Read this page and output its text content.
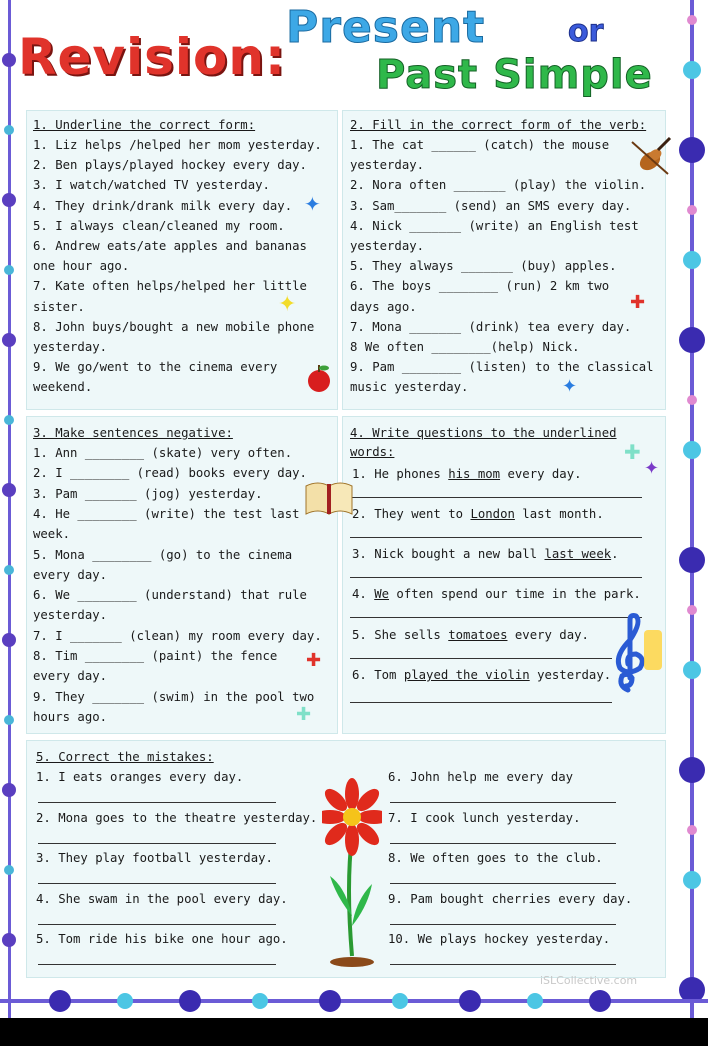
Revision:
Present	or
Past Simple
1. Underline the correct form:
1. Liz helps /helped her mom yesterday.
2. Ben plays/played hockey every day.
3. I watch/watched TV yesterday.
4. They drink/drank milk every day.
5. I always clean/cleaned my room.
6. Andrew eats/ate apples and bananas
one hour ago.
7. Kate often helps/helped her little
sister.
8. John buys/bought a new mobile phone
yesterday.
9. We go/went to the cinema every
weekend.
2. Fill in the correct form of the verb:
1. The cat ______ (catch) the mouse
yesterday.
2. Nora often _______ (play) the violin.
3. Sam_______ (send) an SMS every day.
4. Nick _______ (write) an English test
yesterday.
5. They always _______ (buy) apples.
6. The boys ________ (run) 2 km two
days ago.
7. Mona _______ (drink) tea every day.
8 We often ________(help) Nick.
9. Pam ________ (listen) to the classical
music yesterday.
3. Make sentences negative:
1. Ann ________ (skate) very often.
2. I ________ (read) books every day.
3. Pam _______ (jog) yesterday.
4. He ________ (write) the test last
week.
5. Mona ________ (go) to the cinema
every day.
6. We ________ (understand) that rule
yesterday.
7. I _______ (clean) my room every day.
8. Tim ________ (paint) the fence
every day.
9. They _______ (swim) in the pool two
hours ago.
4. Write questions to the underlined
words:
1. He phones his mom every day.
2. They went to London last month.
3. Nick bought a new ball last week.
4. We often spend our time in the park.
5. She sells tomatoes every day.
6. Tom played the violin yesterday.
5. Correct the mistakes:
1. I eats oranges every day.
2. Mona goes to the theatre yesterday.
3. They play football yesterday.
4. She swam in the pool every day.
5. Tom ride his bike one hour ago.
6. John help me every day
7. I cook lunch yesterday.
8. We often goes to the club.
9. Pam bought cherries every day.
10. We plays hockey yesterday.
✦
✦	✚
✦
✚
✦
✚
✚
iSLCollective.com
